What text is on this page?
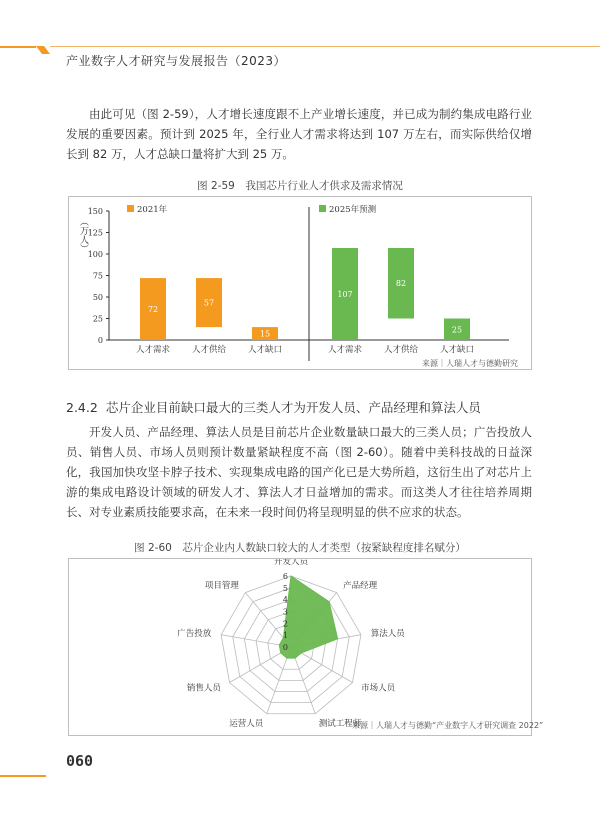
产业数字人才研究与发展报告（2023）
由此可见（图 2-59），人才增长速度跟不上产业增长速度，并已成为制约集成电路行业发展的重要因素。预计到 2025 年，全行业人才需求将达到 107 万左右，而实际供给仅增长到 82 万，人才总缺口量将扩大到 25 万。
图 2-59　我国芯片行业人才供求及需求情况
0
25
50
75
100
125
150
（万人）
2021年
72
人才需求
57
人才供给
15
人才缺口
2025年预测
107
人才需求
82
人才供给
25
人才缺口
来源｜人瑞人才与德勤研究
2.4.2 芯片企业目前缺口最大的三类人才为开发人员、产品经理和算法人员
开发人员、产品经理、算法人员是目前芯片企业数量缺口最大的三类人员；广告投放人员、销售人员、市场人员则预计数量紧缺程度不高（图 2-60）。随着中美科技战的日益深化，我国加快攻坚卡脖子技术、实现集成电路的国产化已是大势所趋，这衍生出了对芯片上游的集成电路设计领域的研发人才、算法人才日益增加的需求。而这类人才往往培养周期长、对专业素质技能要求高，在未来一段时间仍将呈现明显的供不应求的状态。
图 2-60　芯片企业内人数缺口较大的人才类型（按紧缺程度排名赋分）
0
1
2
3
4
5
6
开发人员
产品经理
算法人员
市场人员
测试工程师
运营人员
销售人员
广告投放
项目管理
来源｜人瑞人才与德勤“产业数字人才研究调查 2022”
060
